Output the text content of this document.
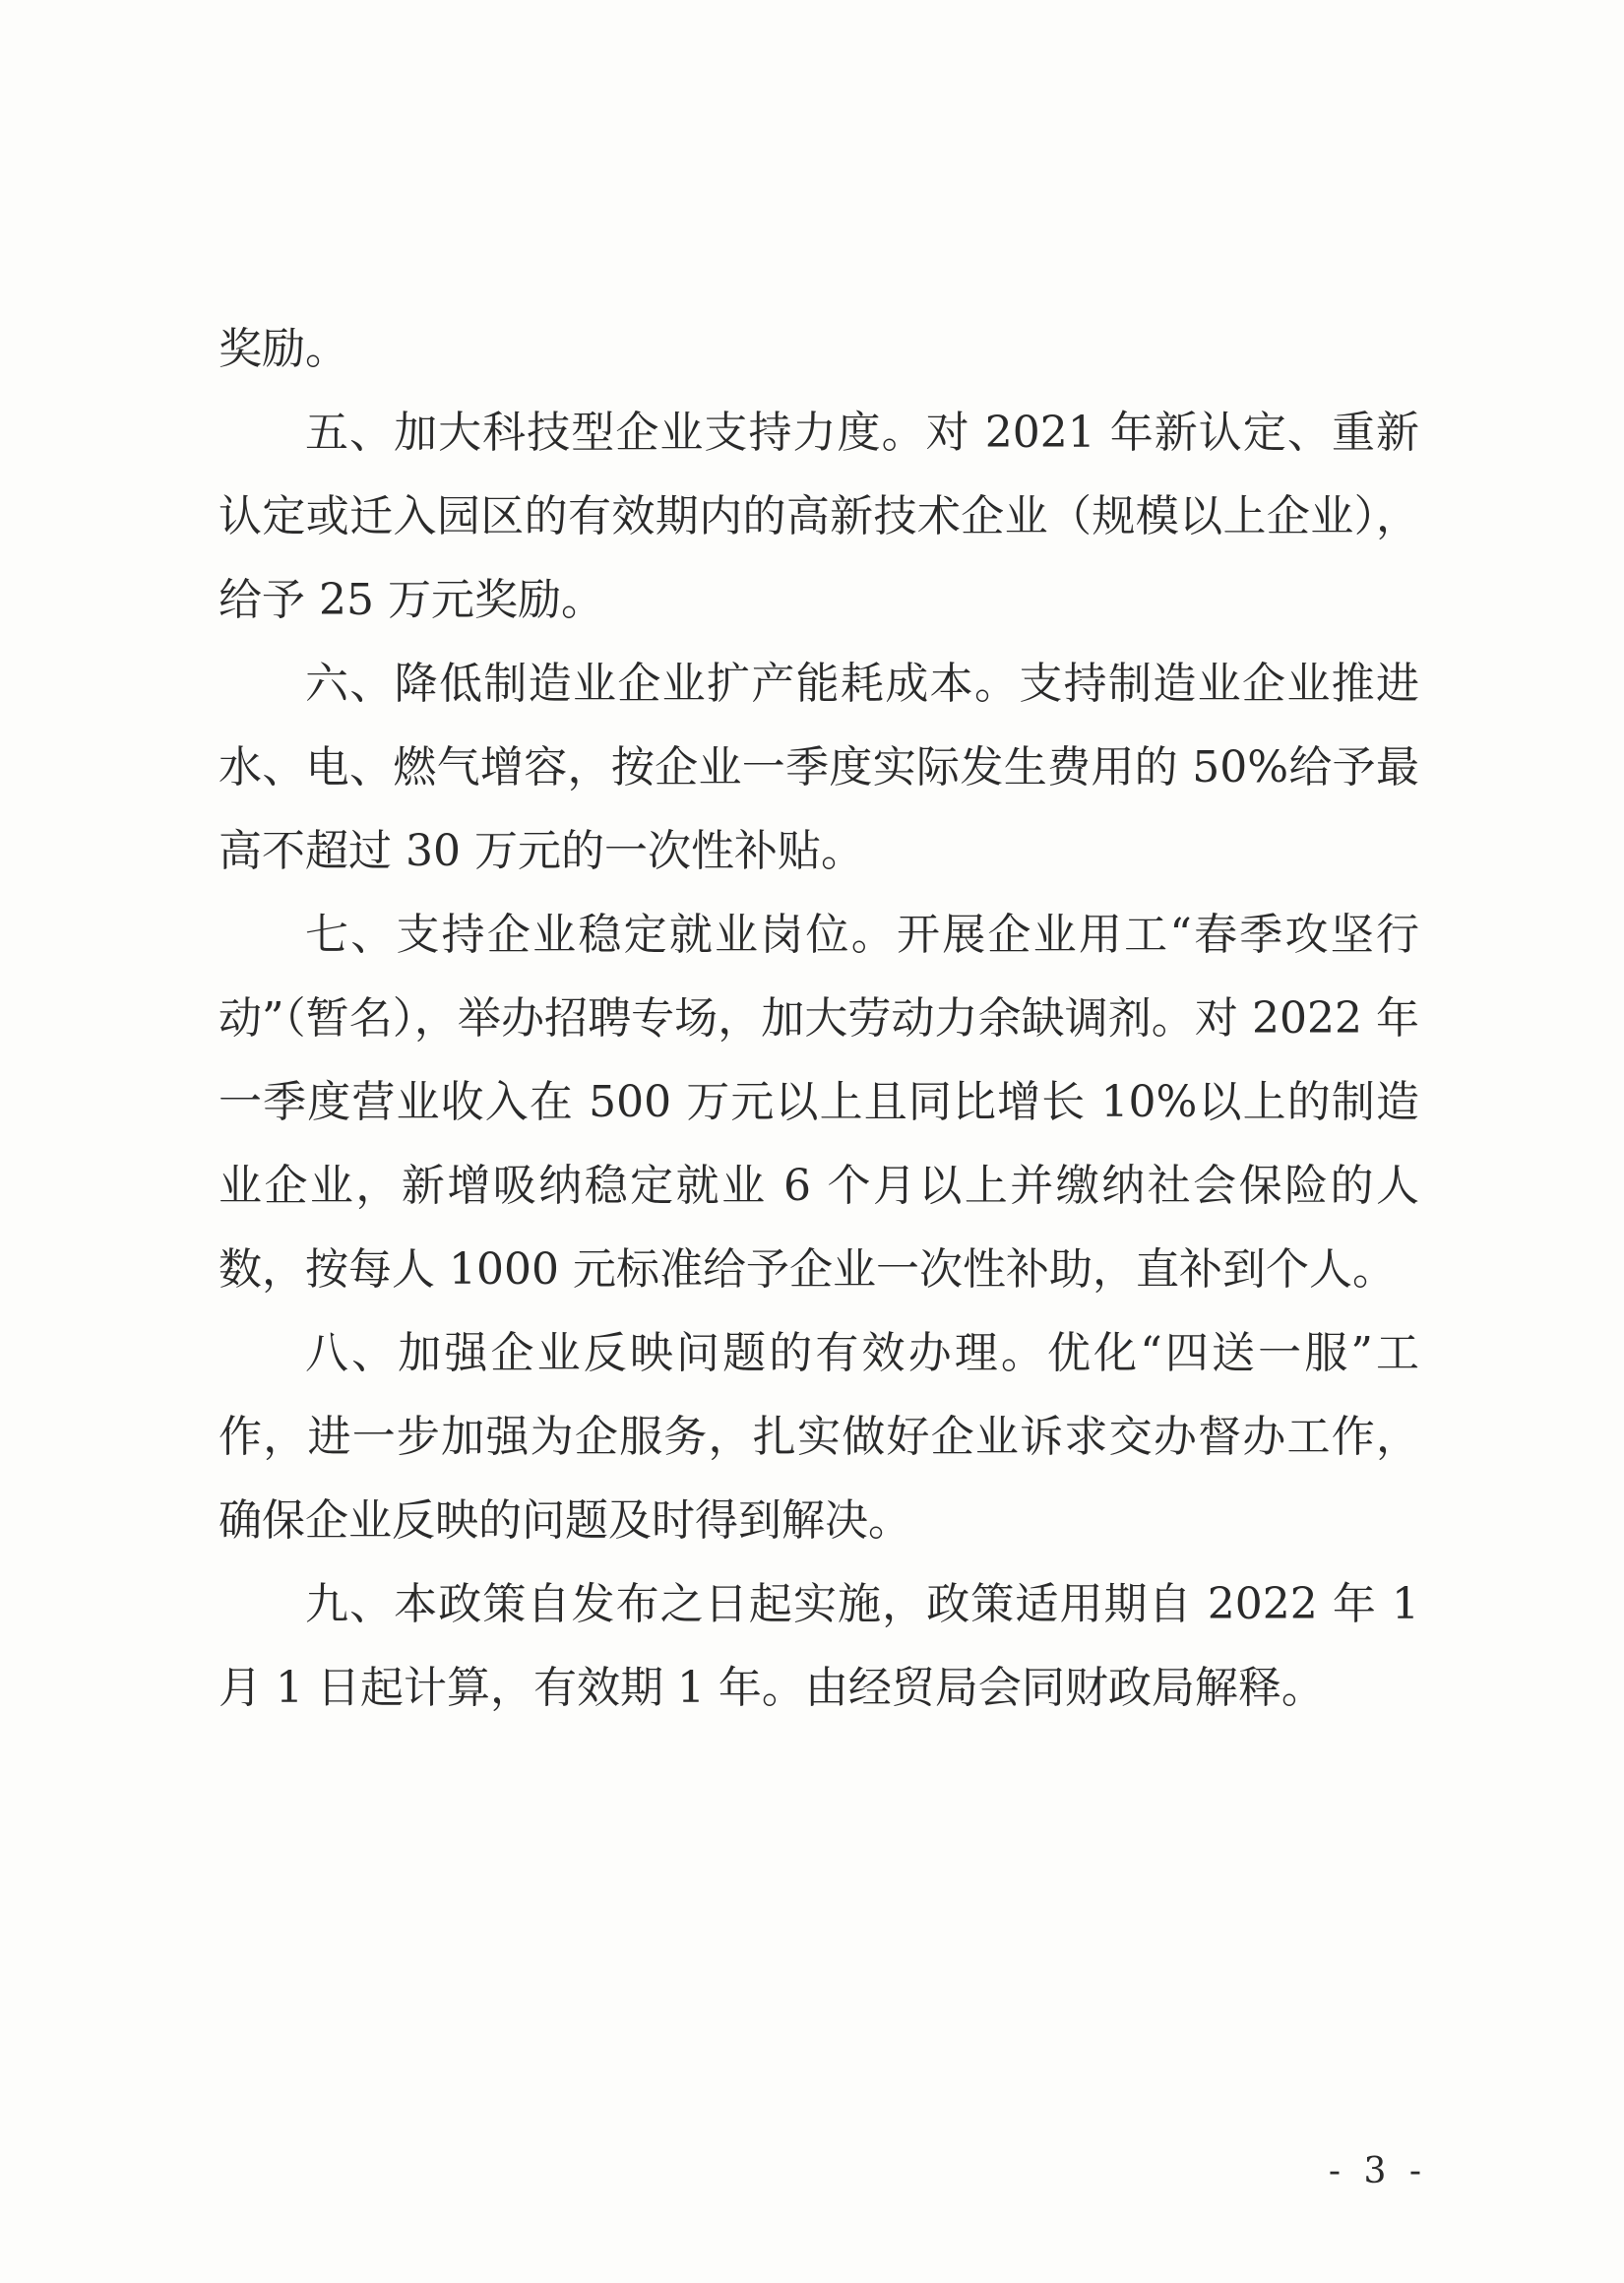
奖励。

五、加大科技型企业支持力度。对 2021 年新认定、重新认定或迁入园区的有效期内的高新技术企业（规模以上企业），给予 25 万元奖励。

六、降低制造业企业扩产能耗成本。支持制造业企业推进水、电、燃气增容，按企业一季度实际发生费用的 50%给予最高不超过 30 万元的一次性补贴。

七、支持企业稳定就业岗位。开展企业用工“春季攻坚行动”（暂名），举办招聘专场，加大劳动力余缺调剂。对 2022 年一季度营业收入在 500 万元以上且同比增长 10%以上的制造业企业，新增吸纳稳定就业 6 个月以上并缴纳社会保险的人数，按每人 1000 元标准给予企业一次性补助，直补到个人。

八、加强企业反映问题的有效办理。优化“四送一服”工作，进一步加强为企服务，扎实做好企业诉求交办督办工作，确保企业反映的问题及时得到解决。

九、本政策自发布之日起实施，政策适用期自 2022 年 1 月 1 日起计算，有效期 1 年。由经贸局会同财政局解释。

- 3 -
